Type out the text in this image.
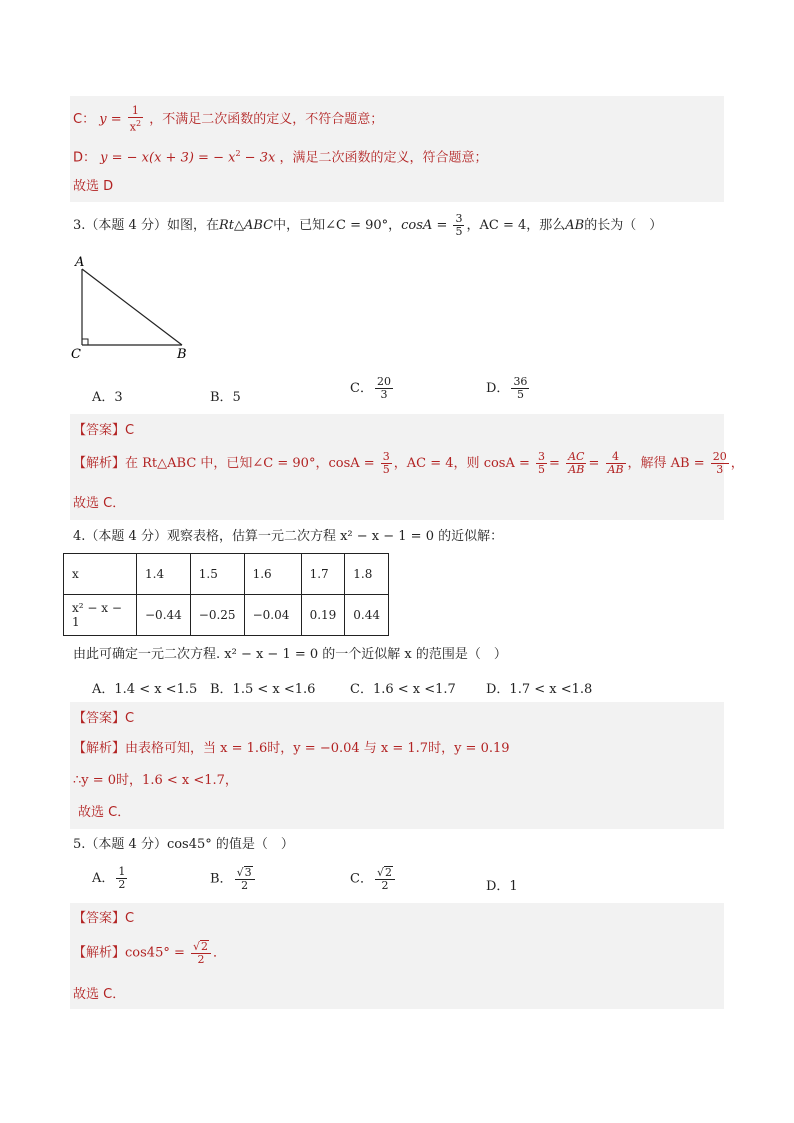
C： $y = \frac{1}{x^2}$ ，不满足二次函数的定义，不符合题意；
D： y = − x(x + 3) = − $x^2 - 3x$ ，满足二次函数的定义，符合题意；
故选 D
3.（本题 4 分）如图，在Rt△ABC中，已知∠C = 90°，$\cos A = \frac{3}{5}$ ，AC = 4，那么AB的长为（　）
A
C	B
A．3	B．5
C． $\frac{20}{3}$	D． $\frac{36}{5}$
【答案】C
【解析】在 Rt△ABC 中，已知∠C = 90°，$\cos A = \frac{3}{5}$ ，AC = 4，则 $\cos A = \frac{3}{5} = \frac{AC}{AB} = \frac{4}{AB}$ ，解得 AB = $\frac{20}{3}$ ，
故选 C．
4.（本题 4 分）观察表格，估算一元二次方程 x² − x − 1 = 0 的近似解：
x	1.4	1.5	1.6	1.7	1.8
x² − x − 1	−0.44	−0.25	−0.04	0.19	0.44
由此可确定一元二次方程. x² − x − 1 = 0 的一个近似解 x 的范围是（　）
A．1.4 < x <1.5 B．1.5 < x <1.6	C．1.6 < x <1.7 D．1.7 < x <1.8
【答案】C
【解析】由表格可知，当 x = 1.6时，y = −0.04 与 x = 1.7时，y = 0.19
∴y = 0时，1.6 < x <1.7，
故选 C．
5.（本题 4 分）cos45° 的值是（　）
A． $\frac{1}{2}$	B． $\frac{√3}{2}$	C． $\frac{√2}{2}$	D．1
【答案】C
【解析】$\cos 45^\circ = \frac{√2}{2}$ ．
故选 C．
